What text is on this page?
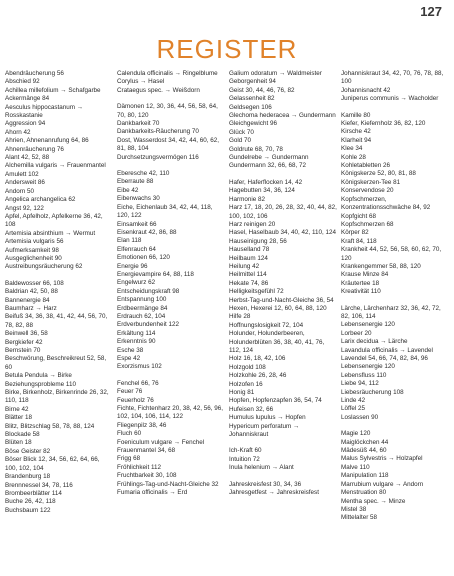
127
REGISTER
Abendräucherung 56
Abschied 92
Achillea millefolium → Schafgarbe
Ackermänge 84
Aesculus hippocastanum → Rosskastanie
Aggression 94
Ahorn 42
Ahrien, Ahnenanrufung 64, 86
Ahnenräucherung 76
Alant 42, 52, 88
Alchemilla vulgaris → Frauenmantel
Amulett 102
Andersweit 86
Andorn 50
Angelica archangelica 62
Angst 92, 122
Apfel, Apfelholz, Apfelkerne 36, 42, 108
Artemisia absinthium → Wermut
Artemisia vulgaris 56
Aufmerksamkeit 98
Ausgeglichenheit 90
Austreibungsräucherung 62
Baldewosser 66, 108
Baldrian 42, 50, 88
Bannenergie 84
Baumharz → Harz
Beifuß 34, 36, 38, 41, 42, 44, 56, 70, 78, 82, 88
Beinwell 36, 58
Bergkiefer 42
Bernstein 70
Beschwörung, Beschreikreut 52, 58, 60
Betula Pendula → Birke
Beziehungsprobleme 110
Birke, Birkenholz, Birkenrinde 26, 32, 110, 118
Birne 42
Blätter 18
Blitz, Blitzschlag 58, 78, 88, 124
Blockade 58
Blüten 18
Böse Geister 82
Böser Blick 12, 34, 56, 62, 64, 66, 100, 102, 104
Brandenburg 18
Brennnessel 34, 78, 116
Brombeerblätter 114
Buche 26, 42, 118
Buchsbaum 122
Calendula officinalis → Ringelblume
Corylus → Hasel
Crataegus spec. → Weißdorn
Dämonen 12, 30, 36, 44, 56, 58, 64, 70, 80, 120
Dankbarkeit 70
Dankbarkeits-Räucherung 70
Dost, Wasserdost 34, 42, 44, 60, 62, 81, 88, 104
Durchsetzungsvermögen 116
Eberesche 42, 110
Eberraute 88
Eibe 42
Eibenwachs 30
Eiche, Eichenlaub 34, 42, 44, 118, 120, 122
Einsamkeit 66
Eisenkraut 42, 86, 88
Elan 118
Elfenrauch 64
Emotionen 66, 120
Energie 96
Energievampire 64, 88, 118
Engelwurz 62
Entscheidungskraft 98
Entspannung 100
Erdbeermänge 84
Erdrauch 62, 104
Erdverbundenheit 122
Erkältung 114
Erkenntnis 90
Esche 38
Espe 42
Exorzismus 102
Fenchel 66, 76
Feuer 76
Feuerholz 76
Fichte, Fichtenharz 20, 38, 42, 56, 96, 102, 104, 106, 114, 122
Fliegenpilz 38, 46
Fluch 60
Foeniculum vulgare → Fenchel
Frauenmantel 34, 68
Frigg 68
Fröhlichkeit 112
Fruchtbarkeit 30, 108
Frühlings-Tag-und-Nacht-Gleiche 32
Fumaria officinalis → Erd
Galium odoratum → Waldmeister
Geborgenheit 94
Geist 30, 44, 46, 76, 82
Gelassenheit 82
Geldsegen 106
Glechoma hederacea → Gundermann
Gleichgewicht 96
Glück 70
Gold 70
Goldrute 68, 70, 78
Gundelrebe → Gundermann
Gundermann 32, 66, 68, 72
Hafer, Haferflocken 14, 42
Hagebutten 34, 36, 124
Harmonie 82
Harz 17, 18, 20, 26, 28, 32, 40, 44, 82, 100, 102, 106
Harz reinigen 20
Hasel, Haselbaub 34, 40, 42, 110, 124
Hauseinigung 28, 56
Hauselland 78
Heilbaum 124
Heilung 42
Heilmittel 114
Hekate 74, 86
Helligkeitsgefühl 72
Herbst-Tag-und-Nacht-Gleiche 36, 54
Hexen, Hexerei 12, 60, 64, 88, 120
Hilfe 28
Hoffnungslosigkeit 72, 104
Holunder, Holunderbeeren, Holunderblüten 36, 38, 40, 41, 76, 112, 124
Holz 16, 18, 42, 106
Holzgold 108
Holzkohle 26, 28, 46
Holzofen 16
Honig 81
Hopfen, Hopfenzapfen 36, 54, 74
Hufeisen 32, 66
Humulus lupulus → Hopfen
Hypericum perforatum → Johanniskraut
Ich-Kraft 60
Intuition 72
Inula helenium → Alant
Jahreskreisfest 30, 34, 36
Jahresgetfest → Jahreskreisfest
Johanniskraut 34, 42, 70, 76, 78, 88, 100
Johannisnacht 42
Juniperus communis → Wacholder
Kamille 80
Kiefer, Kiefernholz 36, 82, 120
Kirsche 42
Klarheit 94
Klee 34
Kohle 28
Kohletabletten 26
Königskerze 52, 80, 81, 88
Königskerzen-Tee 81
Konservendose 20
Kopfschmerzen, Konzentrationsschwäche 84, 92
Kopfgicht 68
Kopfschmerzen 68
Körper 82
Kraft 84, 118
Krankheit 44, 52, 56, 58, 60, 62, 70, 120
Krankengemmer 58, 88, 120
Krause Minze 84
Kräutertee 18
Kreativität 110
Lärche, Lärchenharz 32, 36, 42, 72, 82, 106, 114
Lebensenergie 120
Lorbeer 20
Larix decidua → Lärche
Lavandula officinalis → Lavendel
Lavendel 54, 66, 74, 82, 84, 96
Lebensenergie 120
Lebensfluss 110
Liebe 94, 112
Liebesräucherung 108
Linde 42
Löffel 25
Loslassen 90
Magie 120
Maiglöckchen 44
Mädesüß 44, 60
Malus Sylvestris → Holzapfel
Malve 110
Manipulation 118
Marrubium vulgare → Andorn
Menstruation 80
Mentha spec. → Minze
Mistel 38
Mittelalter 58
